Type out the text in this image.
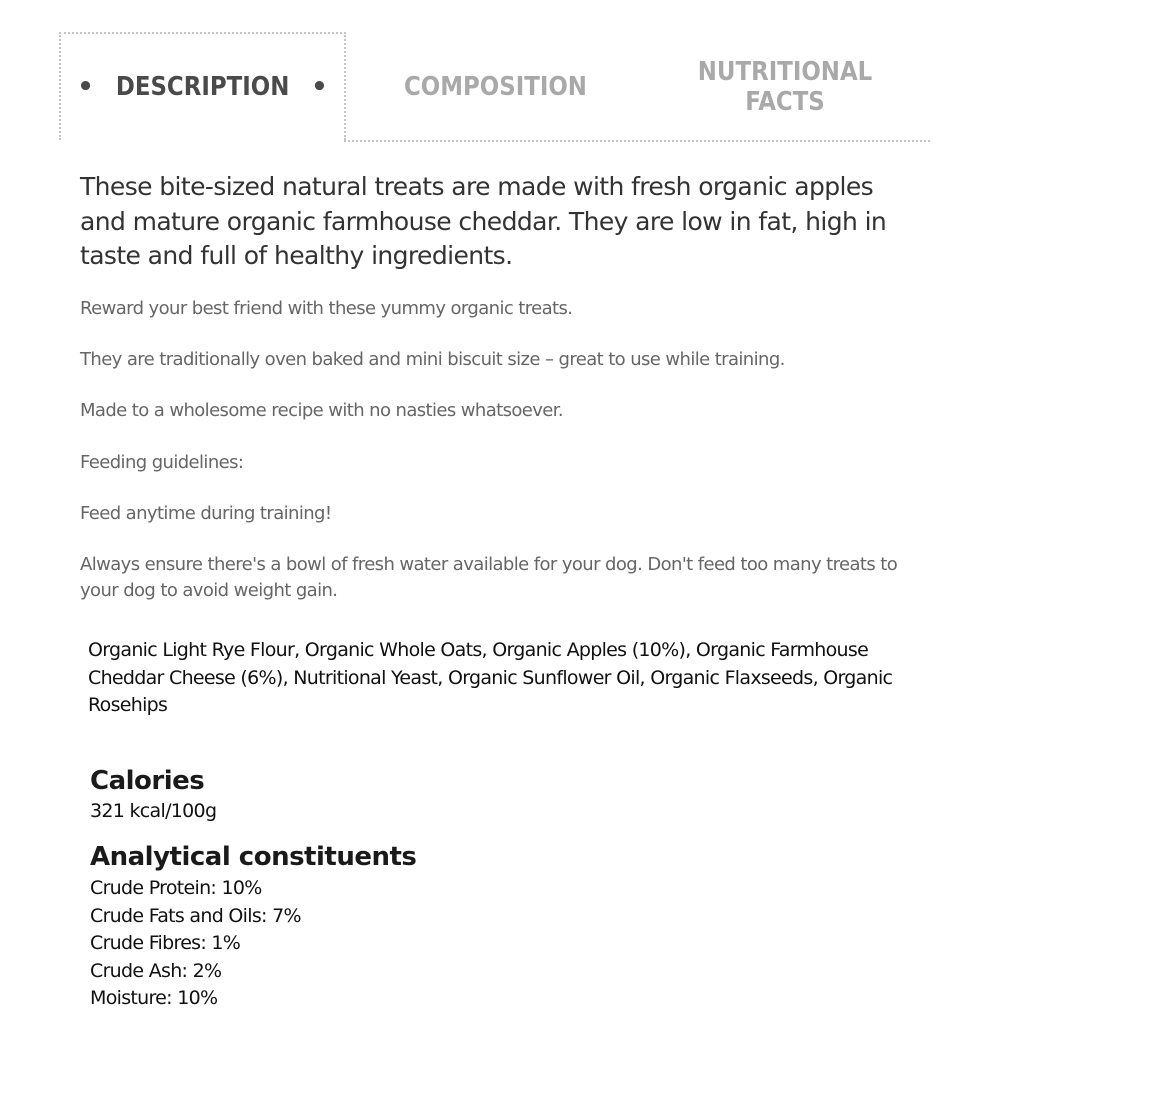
• DESCRIPTION •	COMPOSITION	NUTRITIONAL FACTS

These bite-sized natural treats are made with fresh organic apples and mature organic farmhouse cheddar. They are low in fat, high in taste and full of healthy ingredients.

Reward your best friend with these yummy organic treats.

They are traditionally oven baked and mini biscuit size – great to use while training.

Made to a wholesome recipe with no nasties whatsoever.

Feeding guidelines:

Feed anytime during training!

Always ensure there's a bowl of fresh water available for your dog. Don't feed too many treats to your dog to avoid weight gain.

Organic Light Rye Flour, Organic Whole Oats, Organic Apples (10%), Organic Farmhouse Cheddar Cheese (6%), Nutritional Yeast, Organic Sunflower Oil, Organic Flaxseeds, Organic Rosehips

Calories

321 kcal/100g

Analytical constituents
Crude Protein: 10%
Crude Fats and Oils: 7%
Crude Fibres: 1%
Crude Ash: 2%
Moisture: 10%
